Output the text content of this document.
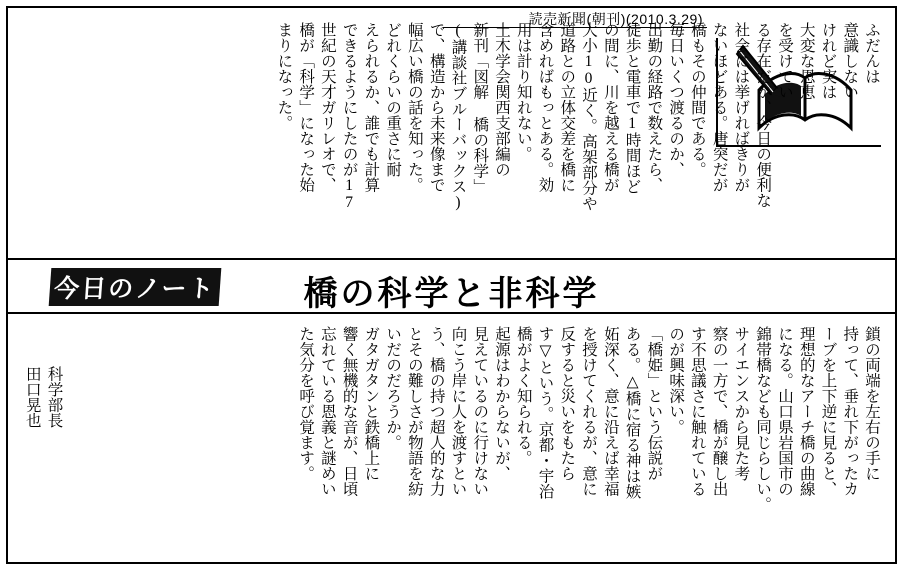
読売新聞(朝刊)(2010.3.29)
ふだんは
意識しない
けれど実は
大変な恩恵
を受けてい
る存在だが、今日の便利な
社会には挙げればきりが
ないほどある。唐突だが
橋もその仲間である。
毎日いくつ渡るのか、
出勤の経路で数えたら、
徒歩と電車で1時間ほど
の間に、川を越える橋が
大小10近く。高架部分や
道路との立体交差を橋に
含めればもっとある。効
用は計り知れない。
土木学会関西支部編の
新刊「図解 橋の科学」
(講談社ブルーバックス)
で、構造から未来像まで
幅広い橋の話を知った。
どれくらいの重さに耐
えられるか、誰でも計算
できるようにしたのが17
世紀の天才ガリレオで、
橋が「科学」になった始
まりになった。
今日のノート	橋の科学と非科学
鎖の両端を左右の手に
持って、垂れ下がったカ
ーブを上下逆に見ると、
理想的なアーチ橋の曲線
になる。山口県岩国市の
錦帯橋なども同じらしい。
サイエンスから見た考
察の一方で、橋が醸し出
す不思議さに触れている
のが興味深い。
「橋姫」という伝説が
ある。△橋に宿る神は嫉
妬深く、意に沿えば幸福
を授けてくれるが、意に
反すると災いをもたら
す▽という。京都・宇治
橋がよく知られる。
起源はわからないが、
見えているのに行けない
向こう岸に人を渡すとい
う、橋の持つ超人的な力
とその難しさが物語を紡
いだのだろうか。
ガタガタンと鉄橋上に
響く無機的な音が、日頃
忘れている恩義と謎めい
た気分を呼び覚ます。
科学部長
田口晃也
